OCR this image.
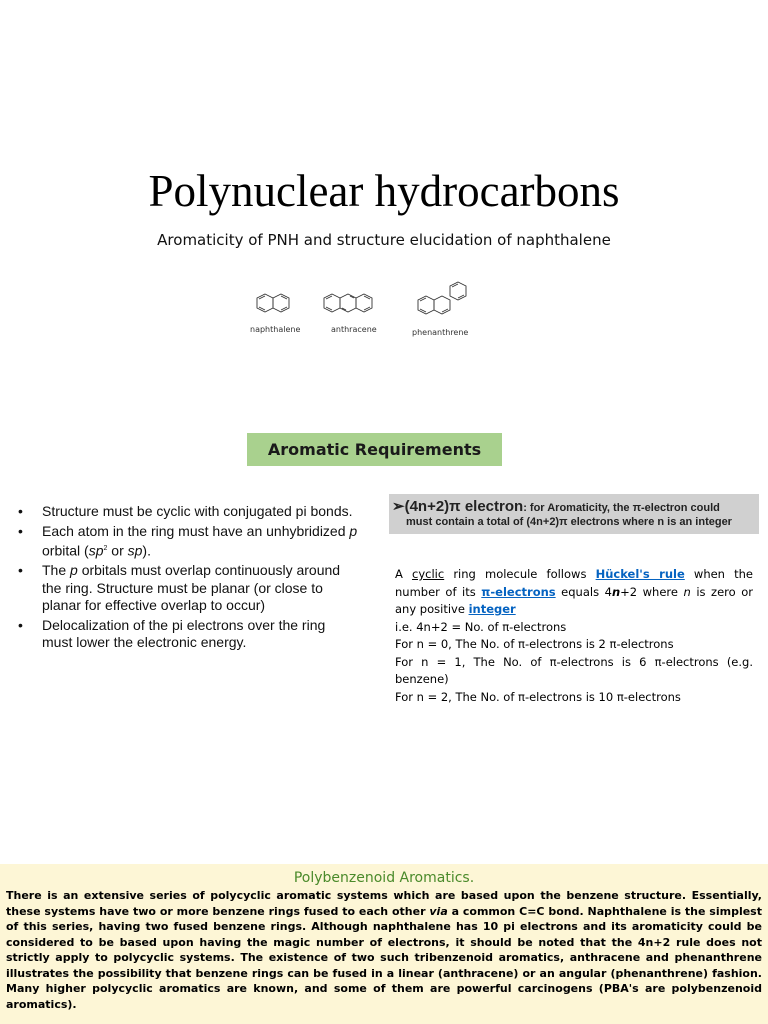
Polynuclear hydrocarbons
Aromaticity of PNH and structure elucidation of naphthalene
naphthalene	anthracene	phenanthrene
Aromatic Requirements
• Structure must be cyclic with conjugated pi bonds.
• Each atom in the ring must have an unhybridized p orbital ($sp^2$ or sp).
• The p orbitals must overlap continuously around the ring. Structure must be planar (or close to planar for effective overlap to occur)
• Delocalization of the pi electrons over the ring must lower the electronic energy.
➢(4n+2)π electron: for Aromaticity, the π-electron could
must contain a total of (4n+2)π electrons where n is an integer
A cyclic ring molecule follows Hückel's rule when the
number of its π-electrons equals 4n+2 where n is zero or
any positive integer
i.e. 4n+2 = No. of π-electrons
For n = 0, The No. of π-electrons is 2 π-electrons
For n = 1, The No. of π-electrons is 6 π-electrons (e.g.
benzene)
For n = 2, The No. of π-electrons is 10 π-electrons
Polybenzenoid Aromatics.
There is an extensive series of polycyclic aromatic systems which are based upon the benzene structure. Essentially, these systems have two or more benzene rings fused to each other via a common C=C bond. Naphthalene is the simplest of this series, having two fused benzene rings. Although naphthalene has 10 pi electrons and its aromaticity could be considered to be based upon having the magic number of electrons, it should be noted that the 4n+2 rule does not strictly apply to polycyclic systems. The existence of two such tribenzenoid aromatics, anthracene and phenanthrene illustrates the possibility that benzene rings can be fused in a linear (anthracene) or an angular (phenanthrene) fashion. Many higher polycyclic aromatics are known, and some of them are powerful carcinogens (PBA's are polybenzenoid aromatics).
